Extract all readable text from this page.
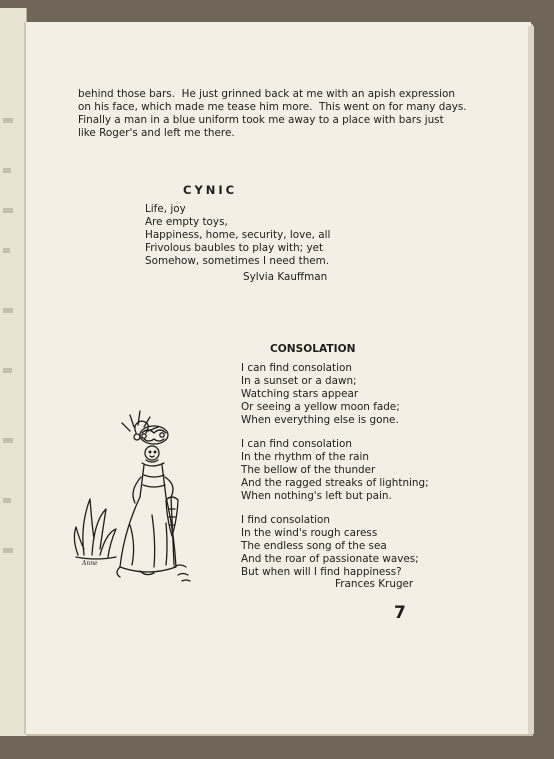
behind those bars.  He just grinned back at me with an apish expression

on his face, which made me tease him more.  This went on for many days.

Finally a man in a blue uniform took me away to a place with bars just

like Roger's and left me there.

CYNIC

Life, joy

Are empty toys,

Happiness, home, security, love, all

Frivolous baubles to play with; yet

Somehow, sometimes I need them.

Sylvia Kauffman

CONSOLATION

I can find consolation

In a sunset or a dawn;

Watching stars appear

Or seeing a yellow moon fade;

When everything else is gone.

I can find consolation

In the rhythm of the rain

The bellow of the thunder

And the ragged streaks of lightning;

When nothing's left but pain.

I find consolation

In the wind's rough caress

The endless song of the sea

And the roar of passionate waves;

But when will I find happiness?

Frances Kruger

Anne

7
